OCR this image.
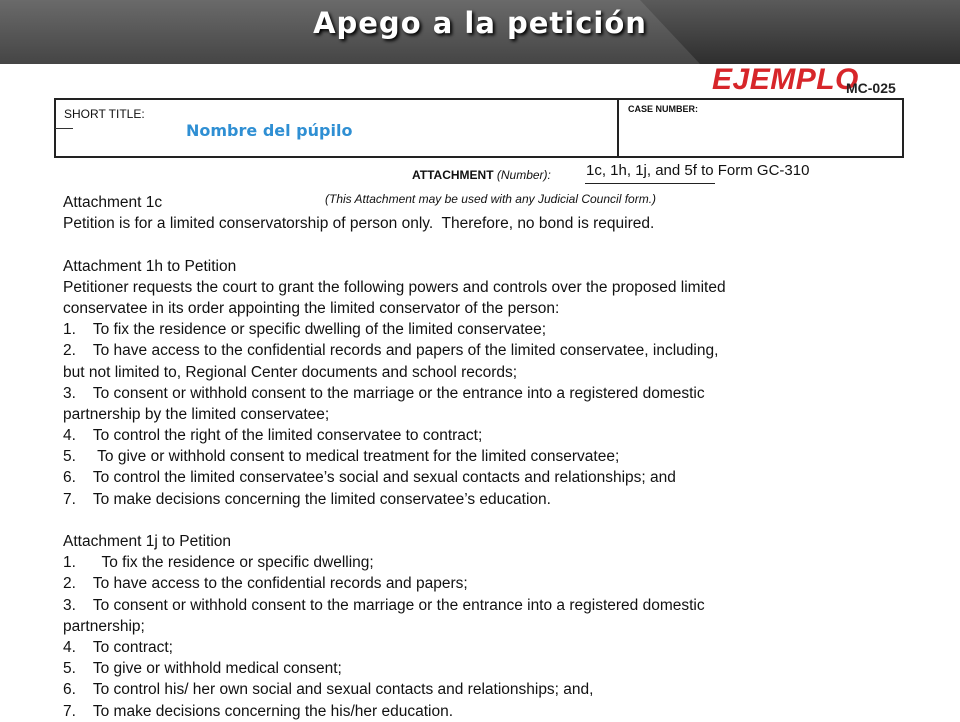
Apego a la petición
EJEMPLO
MC-025
SHORT TITLE:	CASE NUMBER:
Nombre del púpilo
ATTACHMENT (Number): 1c, 1h, 1j, and 5f to Form GC-310
(This Attachment may be used with any Judicial Council form.)
Attachment 1c
Petition is for a limited conservatorship of person only.  Therefore, no bond is required.
Attachment 1h to Petition
Petitioner requests the court to grant the following powers and controls over the proposed limited
conservatee in its order appointing the limited conservator of the person:
1.    To fix the residence or specific dwelling of the limited conservatee;
2.    To have access to the confidential records and papers of the limited conservatee, including,
but not limited to, Regional Center documents and school records;
3.    To consent or withhold consent to the marriage or the entrance into a registered domestic
partnership by the limited conservatee;
4.    To control the right of the limited conservatee to contract;
5.     To give or withhold consent to medical treatment for the limited conservatee;
6.    To control the limited conservatee’s social and sexual contacts and relationships; and
7.    To make decisions concerning the limited conservatee’s education.
Attachment 1j to Petition
1.      To fix the residence or specific dwelling;
2.    To have access to the confidential records and papers;
3.    To consent or withhold consent to the marriage or the entrance into a registered domestic
partnership;
4.    To contract;
5.    To give or withhold medical consent;
6.    To control his/ her own social and sexual contacts and relationships; and,
7.    To make decisions concerning the his/her education.
